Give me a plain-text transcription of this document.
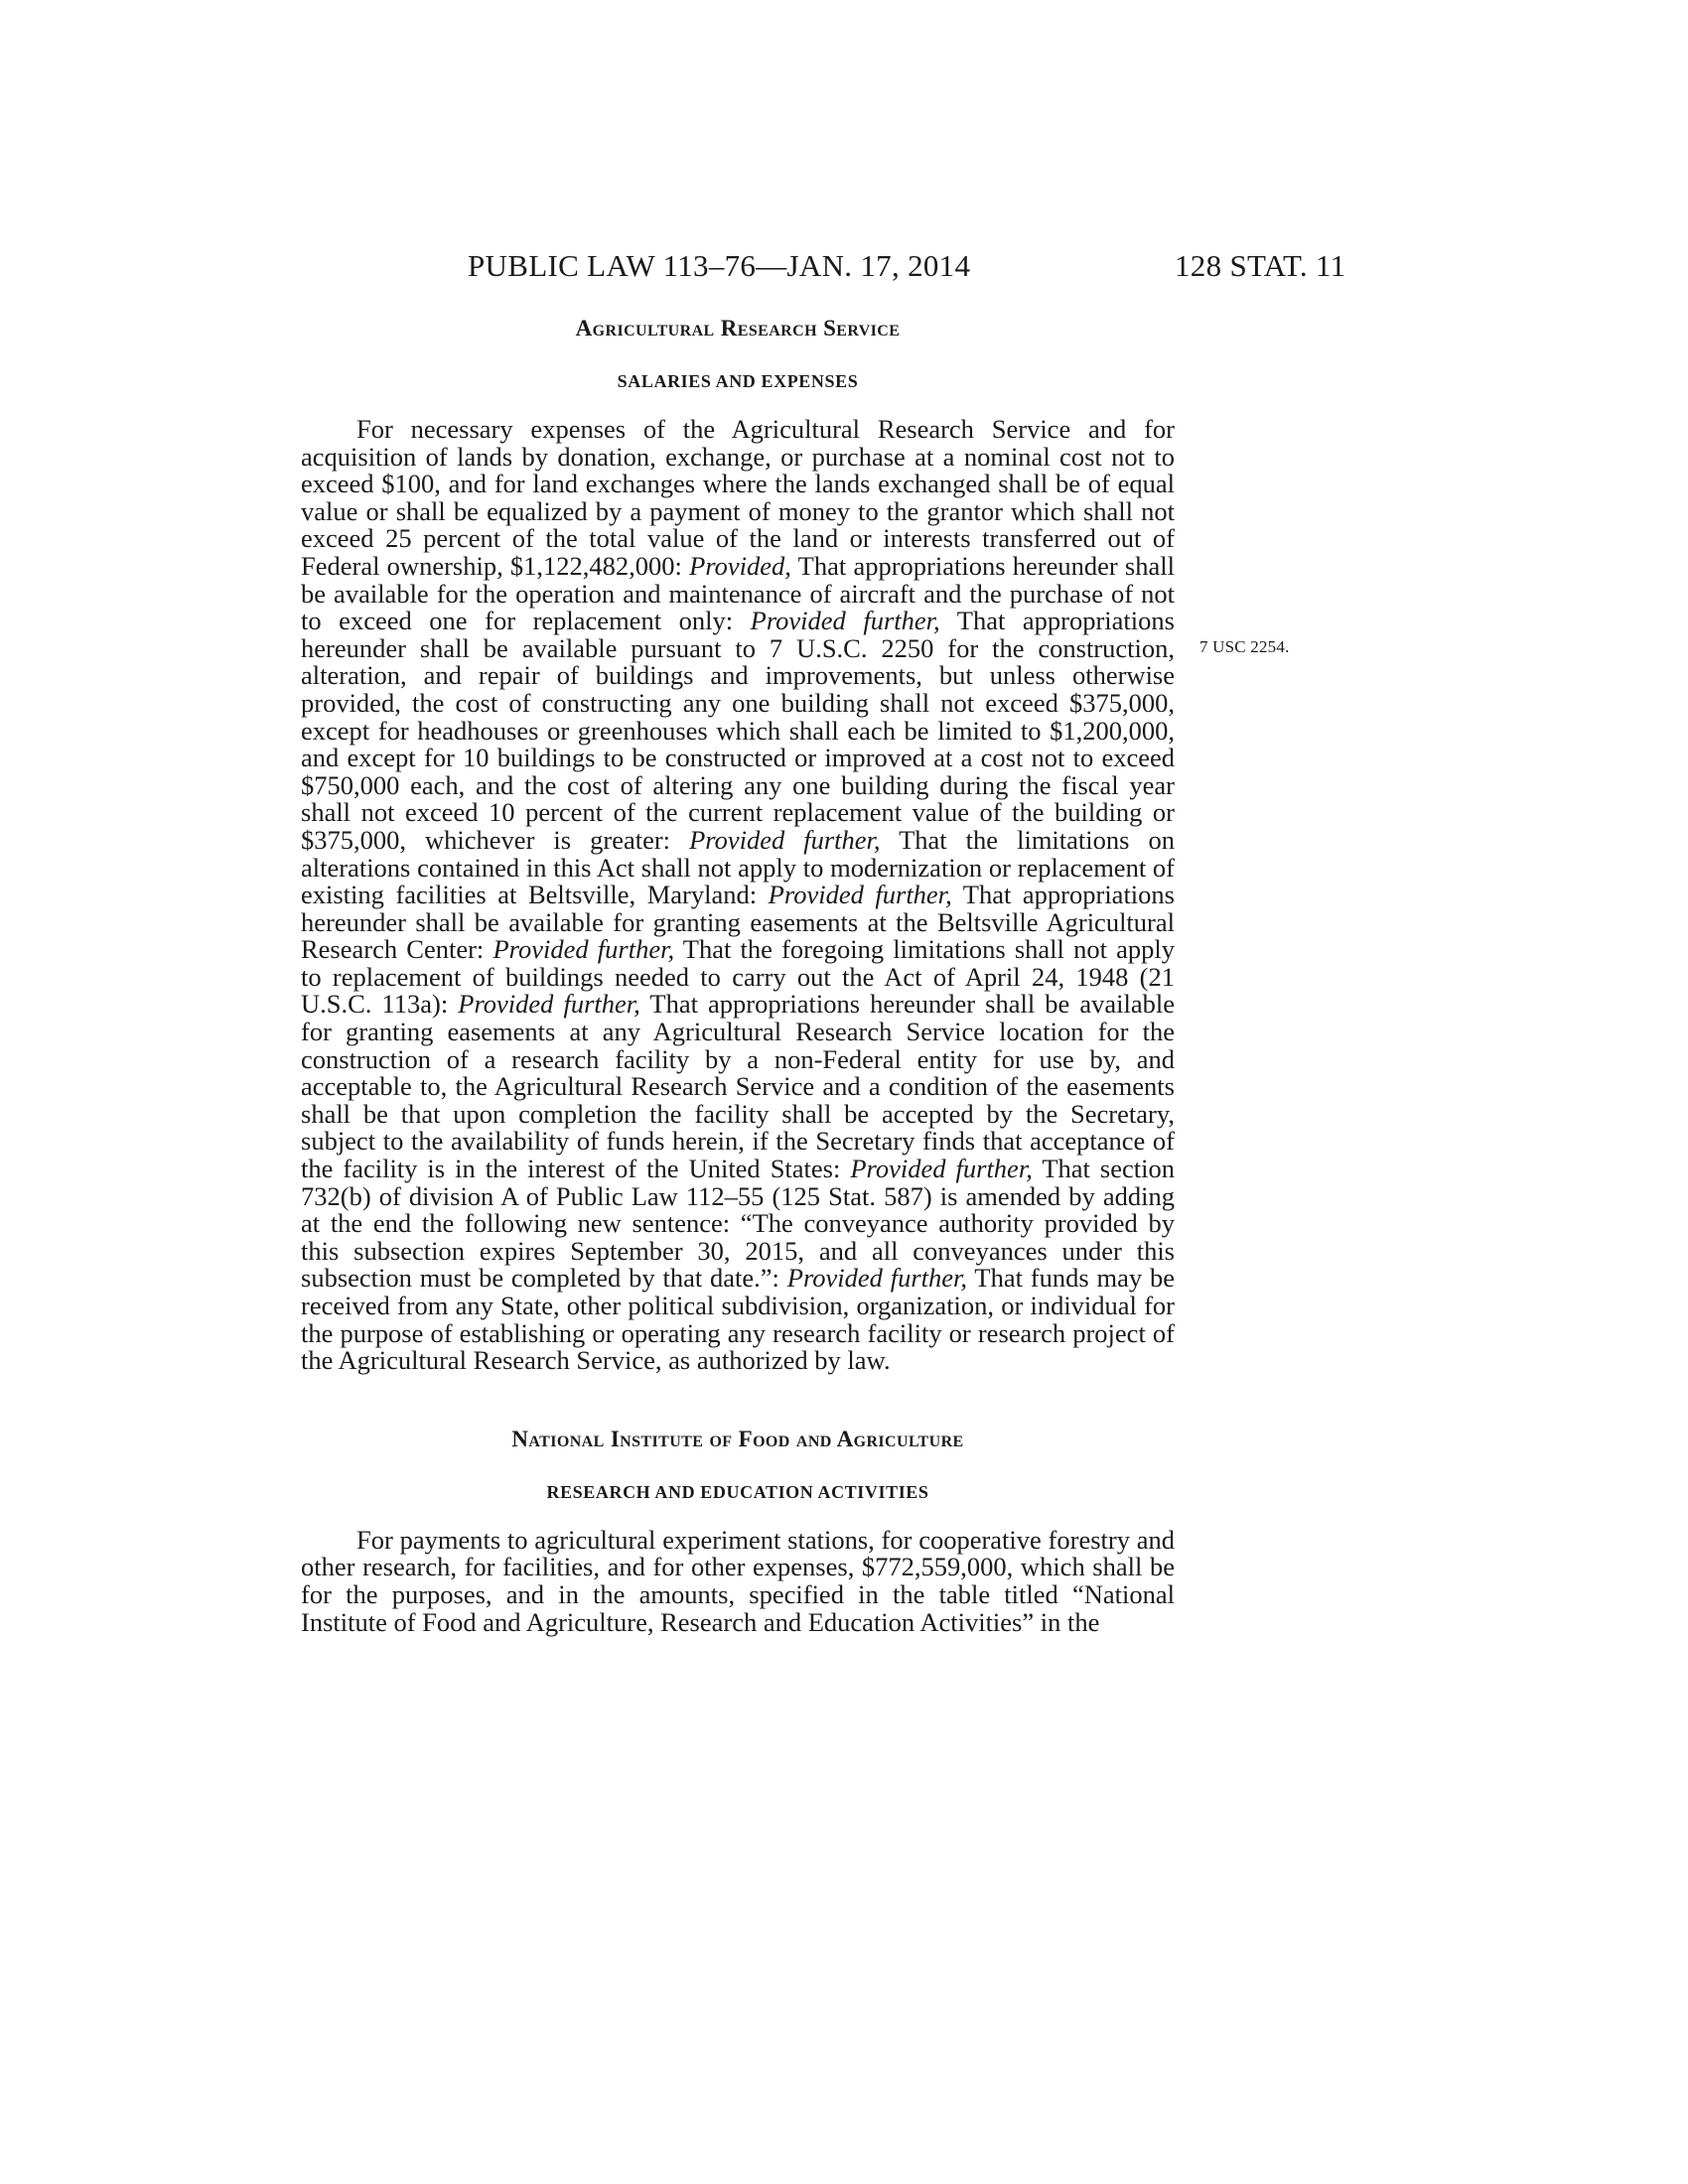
PUBLIC LAW 113–76—JAN. 17, 2014	128 STAT. 11
7 USC 2254.
Agricultural Research Service
SALARIES AND EXPENSES

For necessary expenses of the Agricultural Research Service and for acquisition of lands by donation, exchange, or purchase at a nominal cost not to exceed $100, and for land exchanges where the lands exchanged shall be of equal value or shall be equalized by a payment of money to the grantor which shall not exceed 25 percent of the total value of the land or interests transferred out of Federal ownership, $1,122,482,000: Provided, That appropriations hereunder shall be available for the operation and maintenance of aircraft and the purchase of not to exceed one for replacement only: Provided further, That appropriations hereunder shall be available pursuant to 7 U.S.C. 2250 for the construction, alteration, and repair of buildings and improvements, but unless otherwise provided, the cost of constructing any one building shall not exceed $375,000, except for headhouses or greenhouses which shall each be limited to $1,200,000, and except for 10 buildings to be constructed or improved at a cost not to exceed $750,000 each, and the cost of altering any one building during the fiscal year shall not exceed 10 percent of the current replacement value of the building or $375,000, whichever is greater: Provided further, That the limitations on alterations contained in this Act shall not apply to modernization or replacement of existing facilities at Beltsville, Maryland: Provided further, That appropriations hereunder shall be available for granting easements at the Beltsville Agricultural Research Center: Provided further, That the foregoing limitations shall not apply to replacement of buildings needed to carry out the Act of April 24, 1948 (21 U.S.C. 113a): Provided further, That appropriations hereunder shall be available for granting easements at any Agricultural Research Service location for the construction of a research facility by a non-Federal entity for use by, and acceptable to, the Agricultural Research Service and a condition of the easements shall be that upon completion the facility shall be accepted by the Secretary, subject to the availability of funds herein, if the Secretary finds that acceptance of the facility is in the interest of the United States: Provided further, That section 732(b) of division A of Public Law 112–55 (125 Stat. 587) is amended by adding at the end the following new sentence: “The conveyance authority provided by this subsection expires September 30, 2015, and all conveyances under this subsection must be completed by that date.”: Provided further, That funds may be received from any State, other political subdivision, organization, or individual for the purpose of establishing or operating any research facility or research project of the Agricultural Research Service, as authorized by law.

National Institute of Food and Agriculture
RESEARCH AND EDUCATION ACTIVITIES

For payments to agricultural experiment stations, for cooperative forestry and other research, for facilities, and for other expenses, $772,559,000, which shall be for the purposes, and in the amounts, specified in the table titled “National Institute of Food and Agriculture, Research and Education Activities” in the
